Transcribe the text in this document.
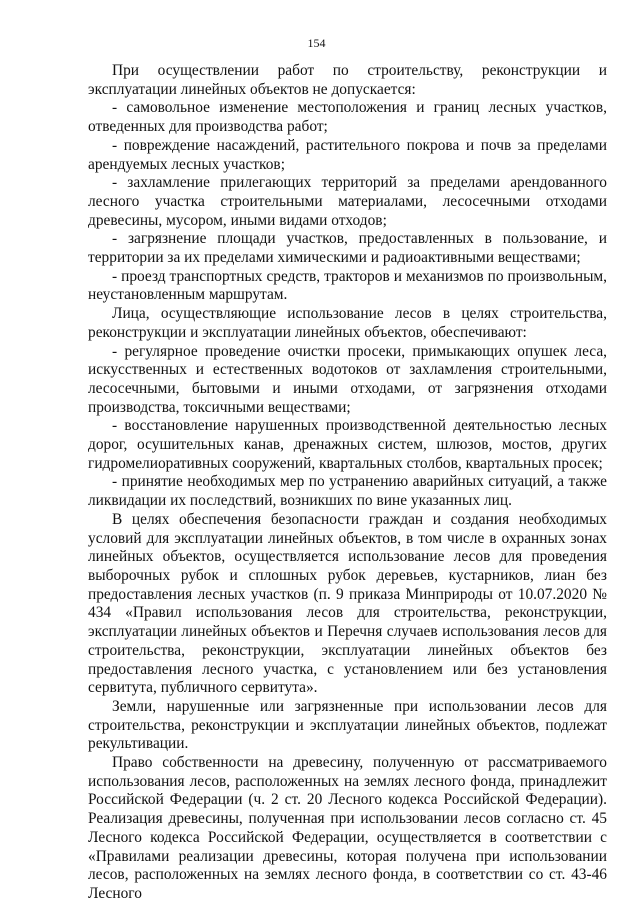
154

При осуществлении работ по строительству, реконструкции и эксплуатации линейных объектов не допускается:

- самовольное изменение местоположения и границ лесных участков, отведенных для производства работ;

- повреждение насаждений, растительного покрова и почв за пределами арендуемых лесных участков;

- захламление прилегающих территорий за пределами арендованного лесного участка строительными материалами, лесосечными отходами древесины, мусором, иными видами отходов;

- загрязнение площади участков, предоставленных в пользование, и территории за их пределами химическими и радиоактивными веществами;

- проезд транспортных средств, тракторов и механизмов по произвольным, неустановленным маршрутам.

Лица, осуществляющие использование лесов в целях строительства, реконструкции и эксплуатации линейных объектов, обеспечивают:

- регулярное проведение очистки просеки, примыкающих опушек леса, искусственных и естественных водотоков от захламления строительными, лесосечными, бытовыми и иными отходами, от загрязнения отходами производства, токсичными веществами;

- восстановление нарушенных производственной деятельностью лесных дорог, осушительных канав, дренажных систем, шлюзов, мостов, других гидромелиоративных сооружений, квартальных столбов, квартальных просек;

- принятие необходимых мер по устранению аварийных ситуаций, а также ликвидации их последствий, возникших по вине указанных лиц.

В целях обеспечения безопасности граждан и создания необходимых условий для эксплуатации линейных объектов, в том числе в охранных зонах линейных объектов, осуществляется использование лесов для проведения выборочных рубок и сплошных рубок деревьев, кустарников, лиан без предоставления лесных участков (п. 9 приказа Минприроды от 10.07.2020 № 434 «Правил использования лесов для строительства, реконструкции, эксплуатации линейных объектов и Перечня случаев использования лесов для строительства, реконструкции, эксплуатации линейных объектов без предоставления лесного участка, с установлением или без установления сервитута, публичного сервитута».

Земли, нарушенные или загрязненные при использовании лесов для строительства, реконструкции и эксплуатации линейных объектов, подлежат рекультивации.

Право собственности на древесину, полученную от рассматриваемого использования лесов, расположенных на землях лесного фонда, принадлежит Российской Федерации (ч. 2 ст. 20 Лесного кодекса Российской Федерации). Реализация древесины, полученная при использовании лесов согласно ст. 45 Лесного кодекса Российской Федерации, осуществляется в соответствии с «Правилами реализации древесины, которая получена при использовании лесов, расположенных на землях лесного фонда, в соответствии со ст. 43-46 Лесного
